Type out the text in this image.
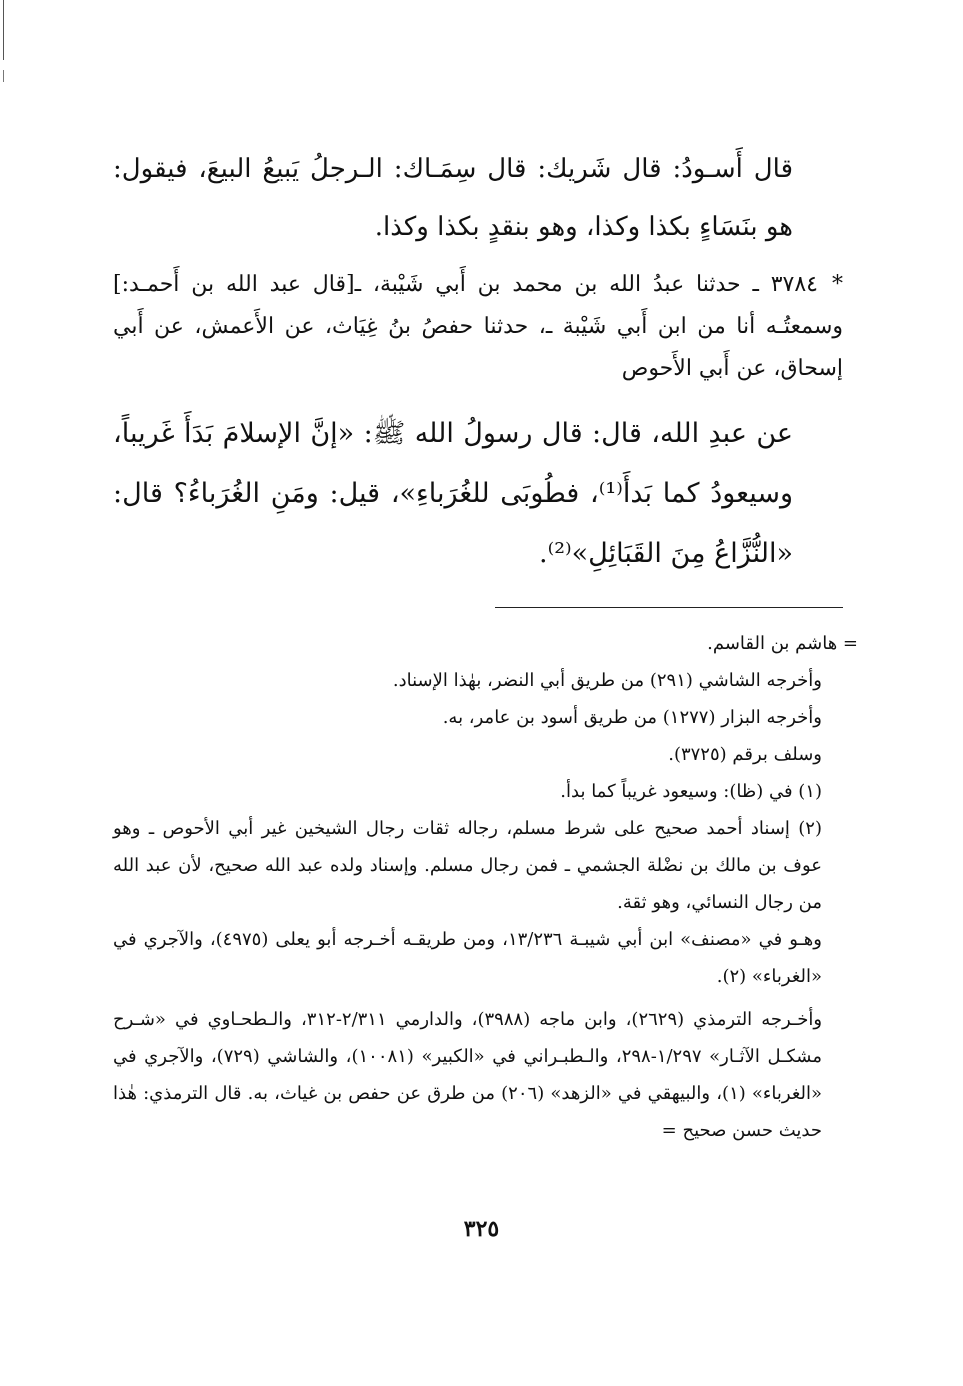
قال أَسـودُ: قال شَريك: قال سِمَـاك: الـرجلُ يَبيعُ البيعَ، فيقول: هو بنَسَاءٍ بكذا وكذا، وهو بنقدٍ بكذا وكذا.

*٣٧٨٤ ـ حدثنا عبدُ الله بن محمد بن أَبي شَيْبة، ـ[قال عبد الله بن أَحمـد:] وسمعتُـه أنا من ابن أَبي شَيْبة ـ، حدثنا حفصُ بنُ غِيَاث، عن الأَعمش، عن أَبي إسحاق، عن أَبي الأَحوص

عن عبدِ الله، قال: قال رسولُ الله ﷺ: «إنَّ الإسلامَ بَدَأَ غَريباً، وسيعودُ كما بَدأَ⁽¹⁾، فطُوبَى للغُرَباءِ»، قيل: ومَنِ الغُرَباءُ؟ قال: «النُّزَّاعُ مِنَ القَبَائِلِ»⁽²⁾.

= هاشم بن القاسم.

وأخرجه الشاشي (٢٩١) من طريق أبي النضر، بهٰذا الإسناد.

وأخرجه البزار (١٢٧٧) من طريق أسود بن عامر، به.

وسلف برقم (٣٧٢٥).

(١) في (ظا): وسيعود غريباً كما بدأ.

(٢) إسناد أحمد صحيح على شرط مسلم، رجاله ثقات رجال الشيخين غير أبي الأحوص ـ وهو عوف بن مالك بن نضْلة الجشمي ـ فمن رجال مسلم. وإسناد ولده عبد الله صحيح، لأن عبد الله من رجال النسائي، وهو ثقة.

وهـو في «مصنف» ابن أبي شيبـة ١٣/٢٣٦، ومن طريقـه أخـرجه أبو يعلى (٤٩٧٥)، والآجري في «الغرباء» (٢).

وأخـرجه الترمذي (٢٦٢٩)، وابن ماجه (٣٩٨٨)، والدارمي ٢/٣١١-٣١٢، والـطحـاوي في «شـرح مشكـل الآثـار» ١/٢٩٧-٢٩٨، والـطبـراني في «الكبير» (١٠٠٨١)، والشاشي (٧٢٩)، والآجري في «الغرباء» (١)، والبيهقي في «الزهد» (٢٠٦) من طرق عن حفص بن غياث، به. قال الترمذي: هٰذا حديث حسن صحيح =

٣٢٥
